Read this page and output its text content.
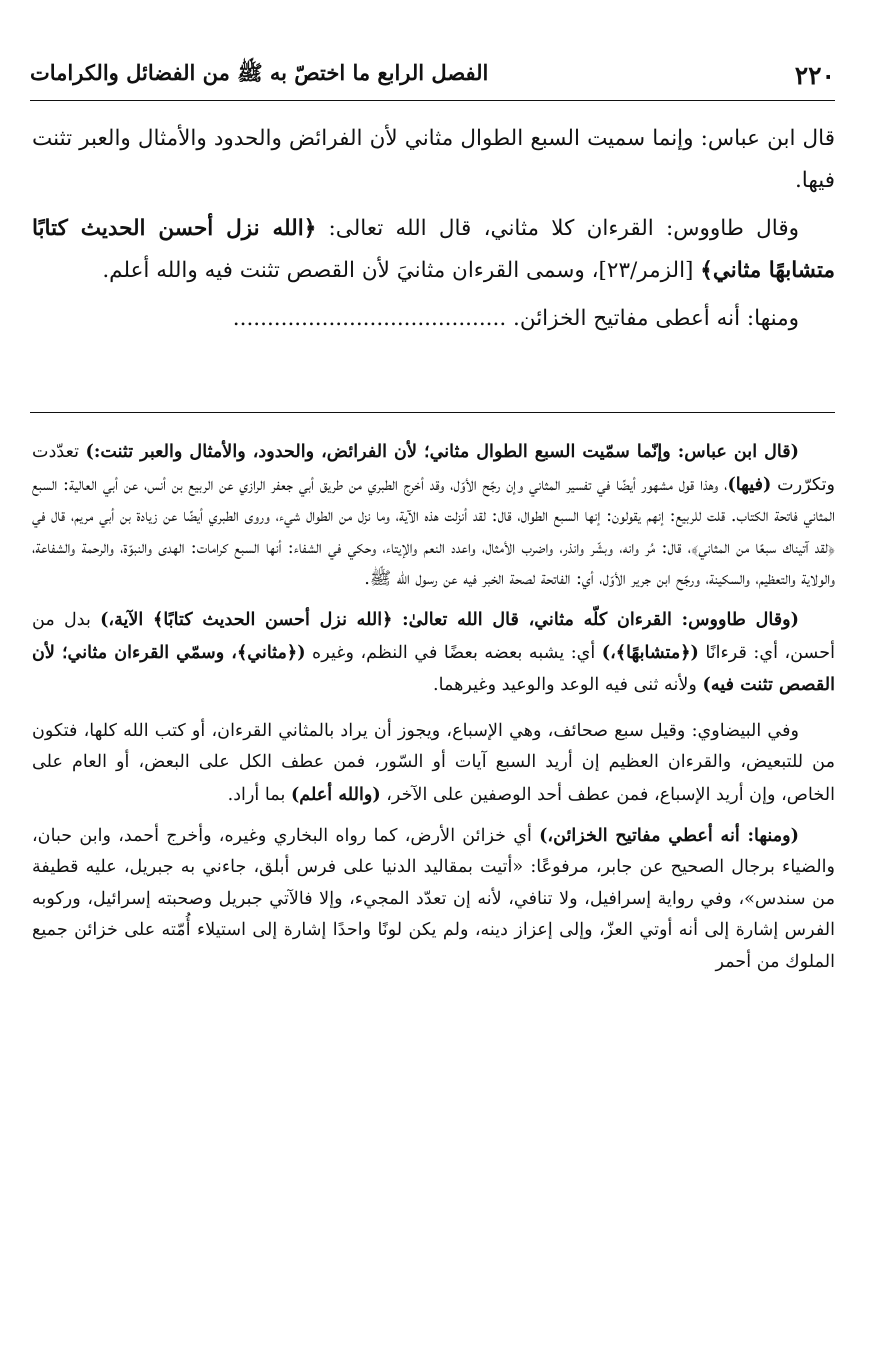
٢٢٠
الفصل الرابع ما اختصّ به ﷺ من الفضائل والكرامات

قال ابن عباس: وإنما سميت السبع الطوال مثاني لأن الفرائض والحدود والأمثال والعبر تثنت فيها.

وقال طاووس: القرءان كلا مثاني، قال الله تعالى: ﴿الله نزل أحسن الحديث كتابًا متشابهًا مثاني﴾ [الزمر/٢٣]، وسمى القرءان مثانيَ لأن القصص تثنت فيه والله أعلم.

ومنها: أنه أعطى مفاتيح الخزائن. ........................................

(قال ابن عباس: وإنّما سمّيت السبع الطوال مثاني؛ لأن الفرائض، والحدود، والأمثال والعبر تثنت:) تعدّدت وتكرّرت (فيها)، وهذا قول مشهور أيضًا في تفسير المثاني وإن رجّح الأوّل، وقد أخرج الطبري من طريق أبي جعفر الرازي عن الربيع بن أنس، عن أبي العالية: السبع المثاني فاتحة الكتاب. قلت للربيع: إنهم يقولون: إنها السبع الطوال، قال: لقد أنزلت هذه الآية، وما نزل من الطوال شيء، وروى الطبري أيضًا عن زيادة بن أبي مريم، قال في ﴿لقد آتيناك سبعًا من المثاني﴾، قال: مُر وانه، وبشّر وانذر، واضرب الأمثال، واعدد النعم والإيتاء، وحكي في الشفاء: أنها السبع كرامات: الهدى والنبوّة، والرحمة والشفاعة، والولاية والتعظيم، والسكينة، ورجّح ابن جرير الأوّل، أي: الفاتحة لصحة الخبر فيه عن رسول الله ﷺ.

(وقال طاووس: القرءان كلّه مثاني، قال الله تعالىٰ: ﴿الله نزل أحسن الحديث كتابًا﴾ الآية،) بدل من أحسن، أي: قرءانًا (﴿متشابهًا﴾،) أي: يشبه بعضه بعضًا في النظم، وغيره (﴿مثاني﴾، وسمّي القرءان مثاني؛ لأن القصص تثنت فيه) ولأنه ثنى فيه الوعد والوعيد وغيرهما.

وفي البيضاوي: وقيل سبع صحائف، وهي الإسباع، ويجوز أن يراد بالمثاني القرءان، أو كتب الله كلها، فتكون من للتبعيض، والقرءان العظيم إن أريد السبع آيات أو السّور، فمن عطف الكل على البعض، أو العام على الخاص، وإن أريد الإسباع، فمن عطف أحد الوصفين على الآخر، (والله أعلم) بما أراد.

(ومنها: أنه أعطي مفاتيح الخزائن،) أي خزائن الأرض، كما رواه البخاري وغيره، وأخرج أحمد، وابن حبان، والضياء برجال الصحيح عن جابر، مرفوعًا: «أتيت بمقاليد الدنيا على فرس أبلق، جاءني به جبريل، عليه قطيفة من سندس»، وفي رواية إسرافيل، ولا تنافي، لأنه إن تعدّد المجيء، وإلا فالآتي جبريل وصحبته إسرائيل، وركوبه الفرس إشارة إلى أنه أوتي العزّ، وإلى إعزاز دينه، ولم يكن لونًا واحدًا إشارة إلى استيلاء أُمّته على خزائن جميع الملوك من أحمر
